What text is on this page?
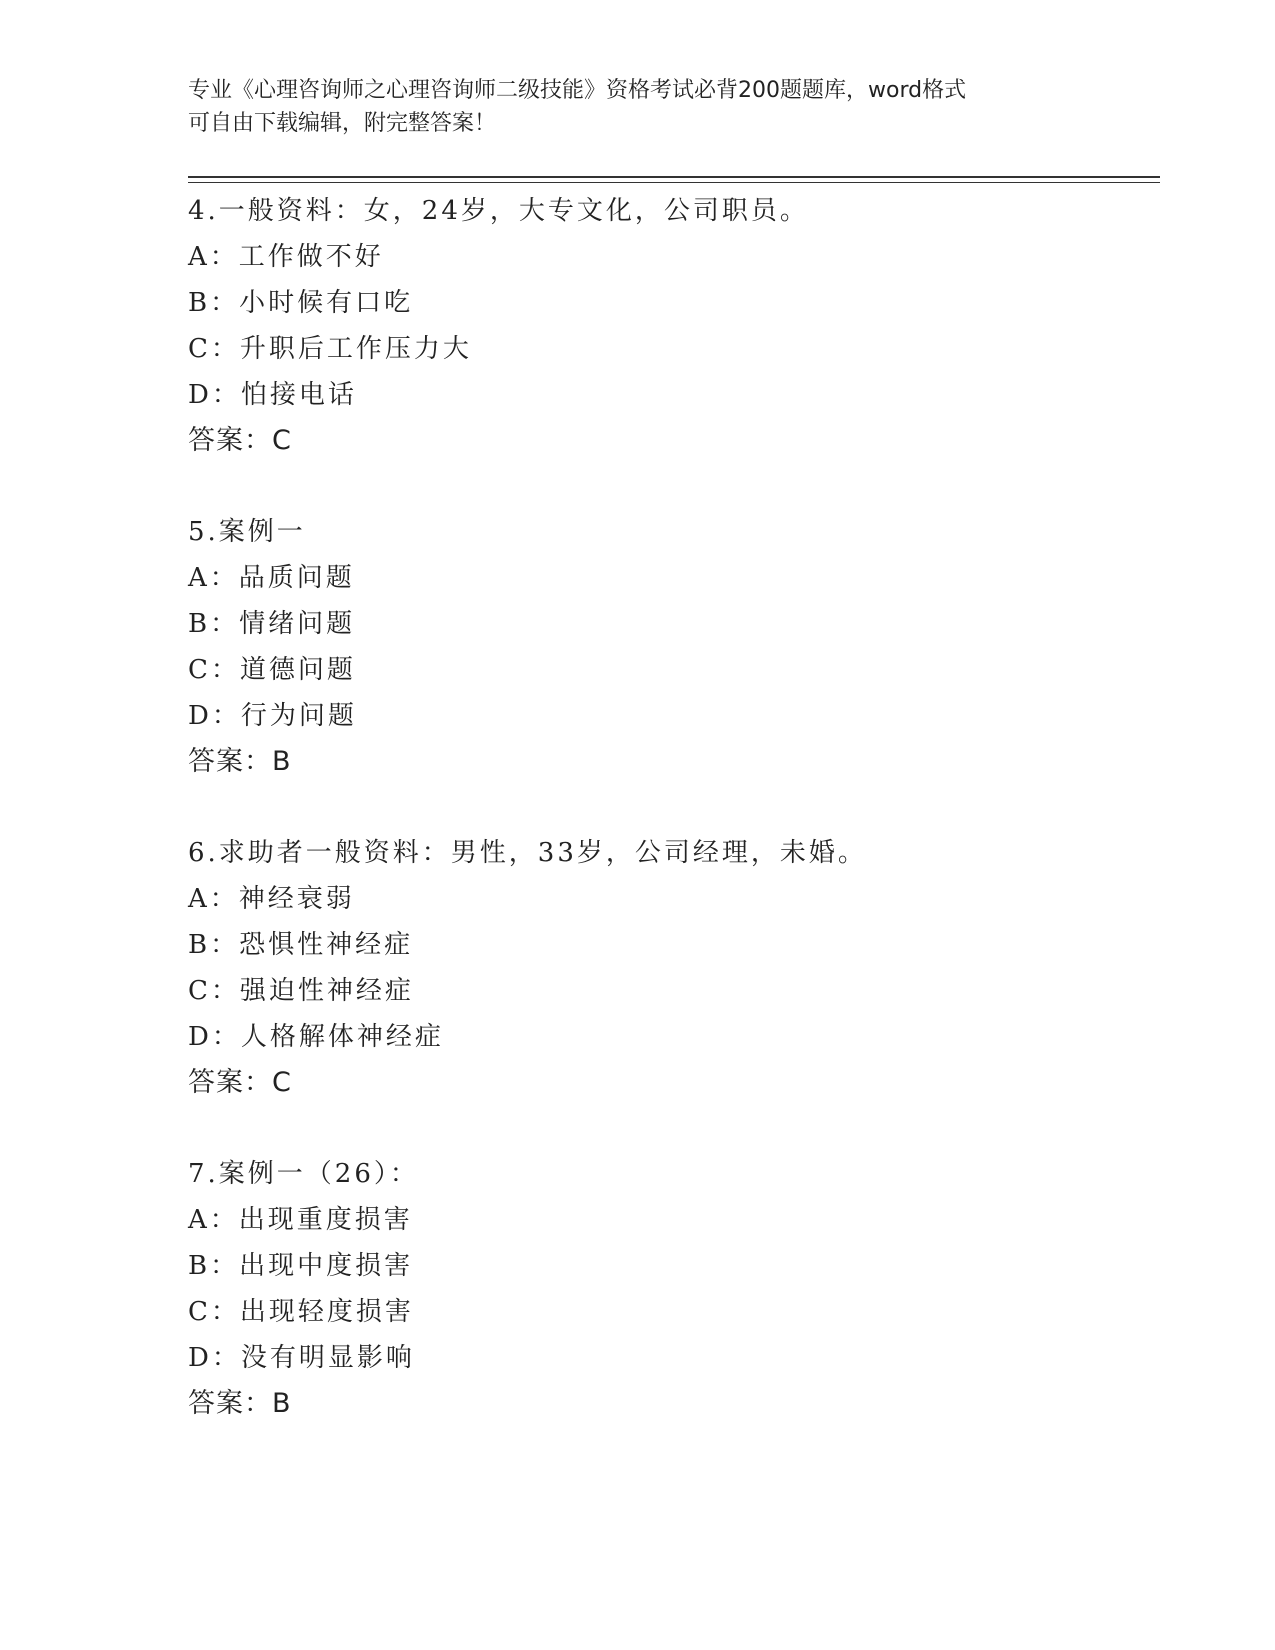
专业《心理咨询师之心理咨询师二级技能》资格考试必背200题题库，word格式

可自由下载编辑，附完整答案！

4.一般资料：女，24岁，大专文化，公司职员。

A：工作做不好

B：小时候有口吃

C：升职后工作压力大

D：怕接电话

答案：C

5.案例一

A：品质问题

B：情绪问题

C：道德问题

D：行为问题

答案：B

6.求助者一般资料：男性，33岁，公司经理，未婚。

A：神经衰弱

B：恐惧性神经症

C：强迫性神经症

D：人格解体神经症

答案：C

7.案例一（26）：

A：出现重度损害

B：出现中度损害

C：出现轻度损害

D：没有明显影响

答案：B
